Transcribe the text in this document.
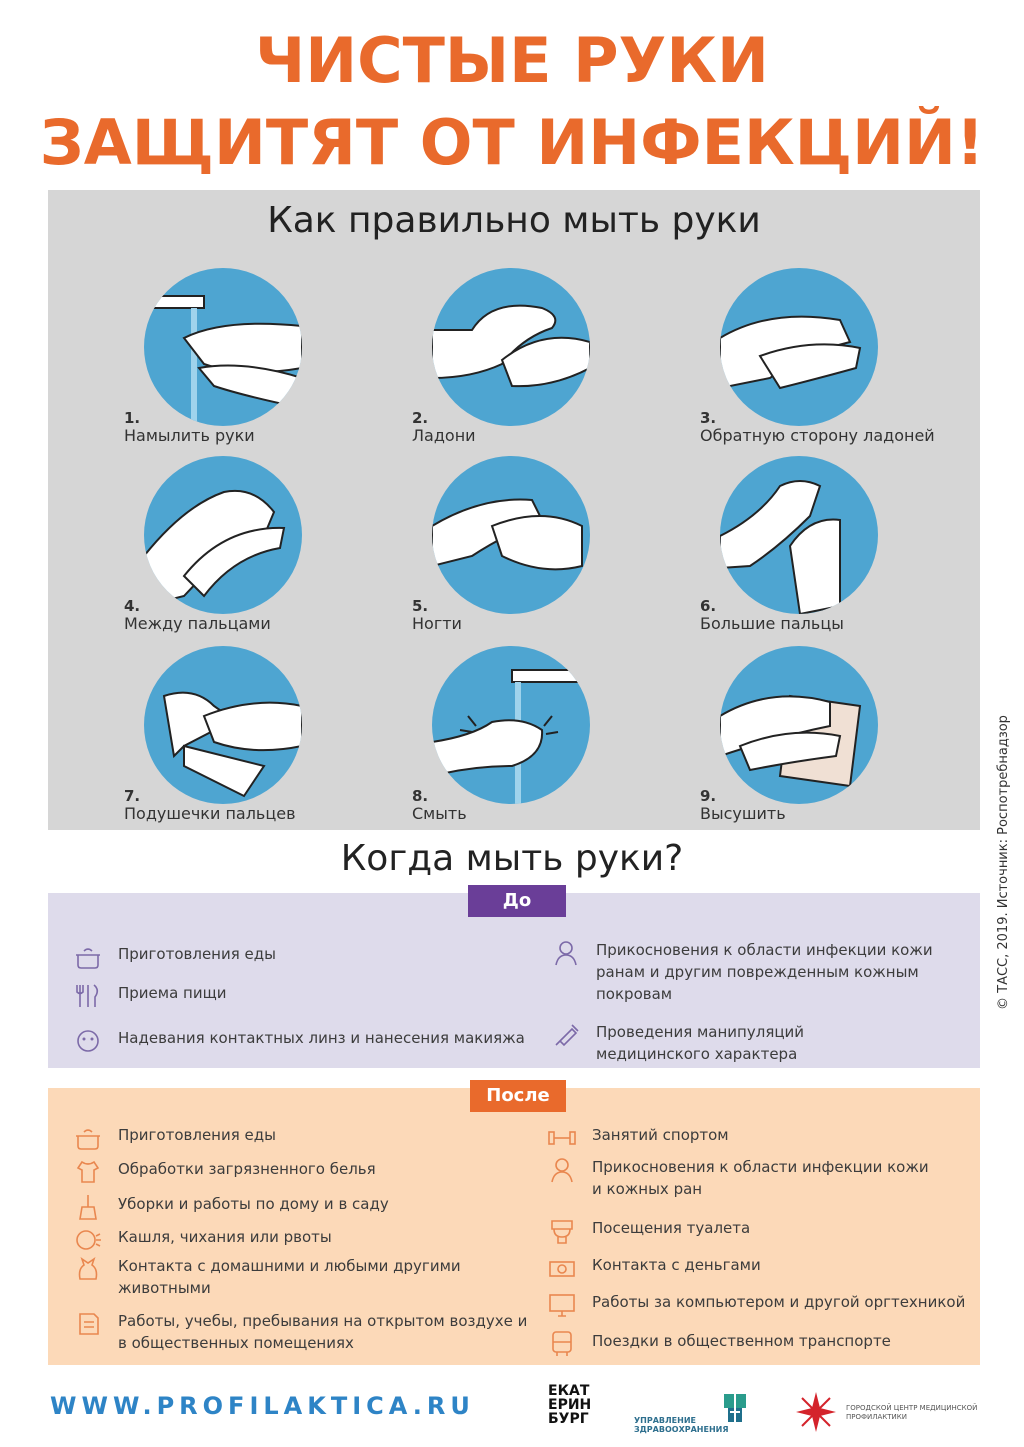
ЧИСТЫЕ РУКИ
ЗАЩИТЯТ ОТ ИНФЕКЦИЙ!
Как правильно мыть руки
1.
Намылить руки
2.
Ладони
3.
Обратную сторону ладоней
4.
Между пальцами
5.
Ногти
6.
Большие пальцы
7.
Подушечки пальцев
8.
Смыть
9.
Высушить	© ТАСС, 2019. Источник: Роспотребнадзор
Когда мыть руки?
До
Приготовления еды
Приема пищи
Надевания контактных линз и нанесения макияжа
Прикосновения к области инфекции кожи ранам и другим поврежденным кожным покровам
Проведения манипуляций медицинского характера
После
Приготовления еды
Обработки загрязненного белья
Уборки и работы по дому и в саду
Кашля, чихания или рвоты
Контакта с домашними и любыми другими животными
Работы, учебы, пребывания на открытом воздухе и в общественных помещениях
Занятий спортом
Прикосновения к области инфекции кожи и кожных ран
Посещения туалета
Контакта с деньгами
Работы за компьютером и другой оргтехникой
Поездки в общественном транспорте
WWW.PROFILAKTICA.RU
ЕКАТ
ЕРИН
БУРГ	УПРАВЛЕНИЕ ЗДРАВООХРАНЕНИЯ
ГОРОДСКОЙ ЦЕНТР МЕДИЦИНСКОЙ ПРОФИЛАКТИКИ
